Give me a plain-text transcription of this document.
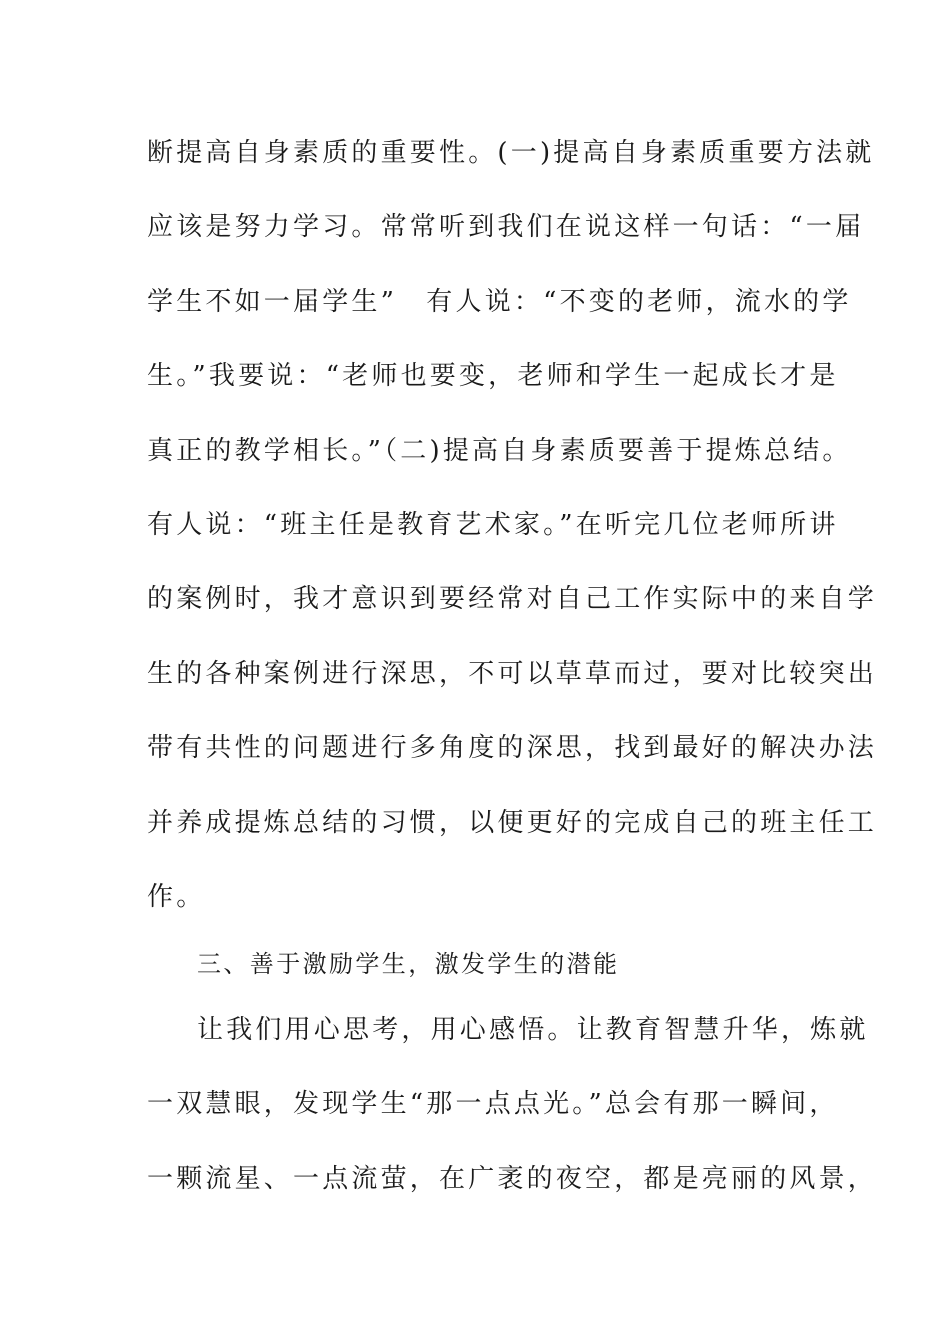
断提高自身素质的重要性。(一)提高自身素质重要方法就
应该是努力学习。常常听到我们在说这样一句话：“一届
学生不如一届学生”　有人说：“不变的老师，流水的学
生。”我要说：“老师也要变，老师和学生一起成长才是
真正的教学相长。”（二)提高自身素质要善于提炼总结。
有人说：“班主任是教育艺术家。”在听完几位老师所讲
的案例时，我才意识到要经常对自己工作实际中的来自学
生的各种案例进行深思，不可以草草而过，要对比较突出
带有共性的问题进行多角度的深思，找到最好的解决办法
并养成提炼总结的习惯，以便更好的完成自己的班主任工
作。
三、善于激励学生，激发学生的潜能
让我们用心思考，用心感悟。让教育智慧升华，炼就
一双慧眼，发现学生“那一点点光。”总会有那一瞬间，
一颗流星、一点流萤，在广袤的夜空，都是亮丽的风景，
